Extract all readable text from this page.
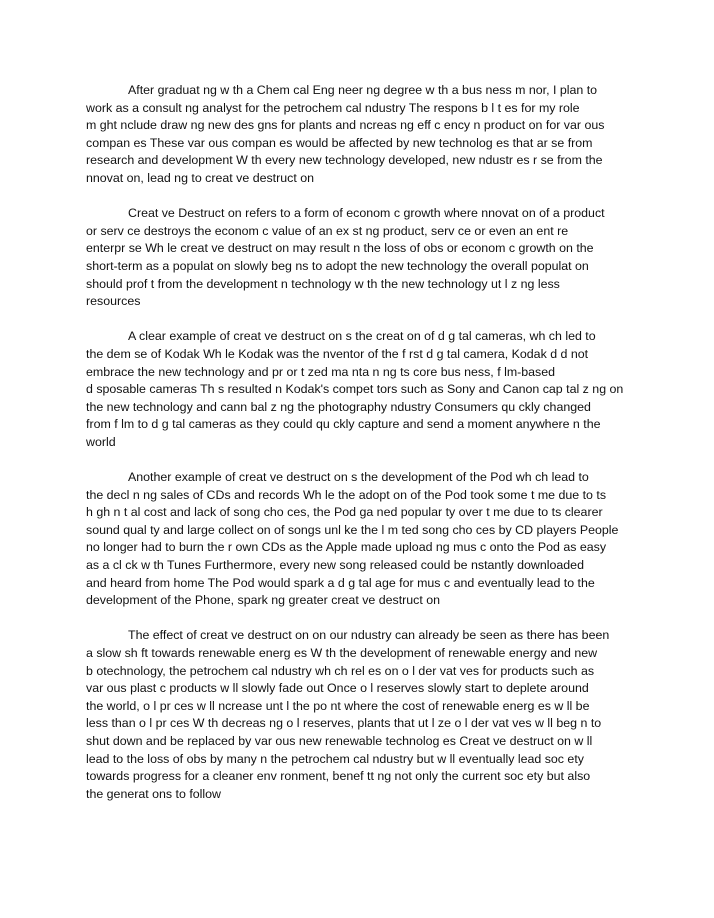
After graduat ng w th a Chem cal Eng neer ng degree w th a bus ness m nor, I plan to
work as a consult ng analyst for the petrochem cal ndustry The respons b l t es for my role
m ght nclude draw ng new des gns for plants and ncreas ng eff c ency n product on for var ous
compan es These var ous compan es would be affected by new technolog es that ar se from
research and development W th every new technology developed, new ndustr es r se from the
nnovat on, lead ng to creat ve destruct on
Creat ve Destruct on refers to a form of econom c growth where nnovat on of a product
or serv ce destroys the econom c value of an ex st ng product, serv ce or even an ent re
enterpr se Wh le creat ve destruct on may result n the loss of obs or econom c growth on the
short-term as a populat on slowly beg ns to adopt the new technology the overall populat on
should prof t from the development n technology w th the new technology ut l z ng less
resources
A clear example of creat ve destruct on s the creat on of d g tal cameras, wh ch led to
the dem se of Kodak Wh le Kodak was the nventor of the f rst d g tal camera, Kodak d d not
embrace the new technology and pr or t zed ma nta n ng ts core bus ness, f lm-based
d sposable cameras Th s resulted n Kodak's compet tors such as Sony and Canon cap tal z ng on
the new technology and cann bal z ng the photography ndustry Consumers qu ckly changed
from f lm to d g tal cameras as they could qu ckly capture and send a moment anywhere n the
world
Another example of creat ve destruct on s the development of the Pod wh ch lead to
the decl n ng sales of CDs and records Wh le the adopt on of the Pod took some t me due to ts
h gh n t al cost and lack of song cho ces, the Pod ga ned popular ty over t me due to ts clearer
sound qual ty and large collect on of songs unl ke the l m ted song cho ces by CD players People
no longer had to burn the r own CDs as the Apple made upload ng mus c onto the Pod as easy
as a cl ck w th Tunes Furthermore, every new song released could be nstantly downloaded
and heard from home The Pod would spark a d g tal age for mus c and eventually lead to the
development of the Phone, spark ng greater creat ve destruct on
The effect of creat ve destruct on on our ndustry can already be seen as there has been
a slow sh ft towards renewable energ es W th the development of renewable energy and new
b otechnology, the petrochem cal ndustry wh ch rel es on o l der vat ves for products such as
var ous plast c products w ll slowly fade out Once o l reserves slowly start to deplete around
the world, o l pr ces w ll ncrease unt l the po nt where the cost of renewable energ es w ll be
less than o l pr ces W th decreas ng o l reserves, plants that ut l ze o l der vat ves w ll beg n to
shut down and be replaced by var ous new renewable technolog es Creat ve destruct on w ll
lead to the loss of obs by many n the petrochem cal ndustry but w ll eventually lead soc ety
towards progress for a cleaner env ronment, benef tt ng not only the current soc ety but also
the generat ons to follow
